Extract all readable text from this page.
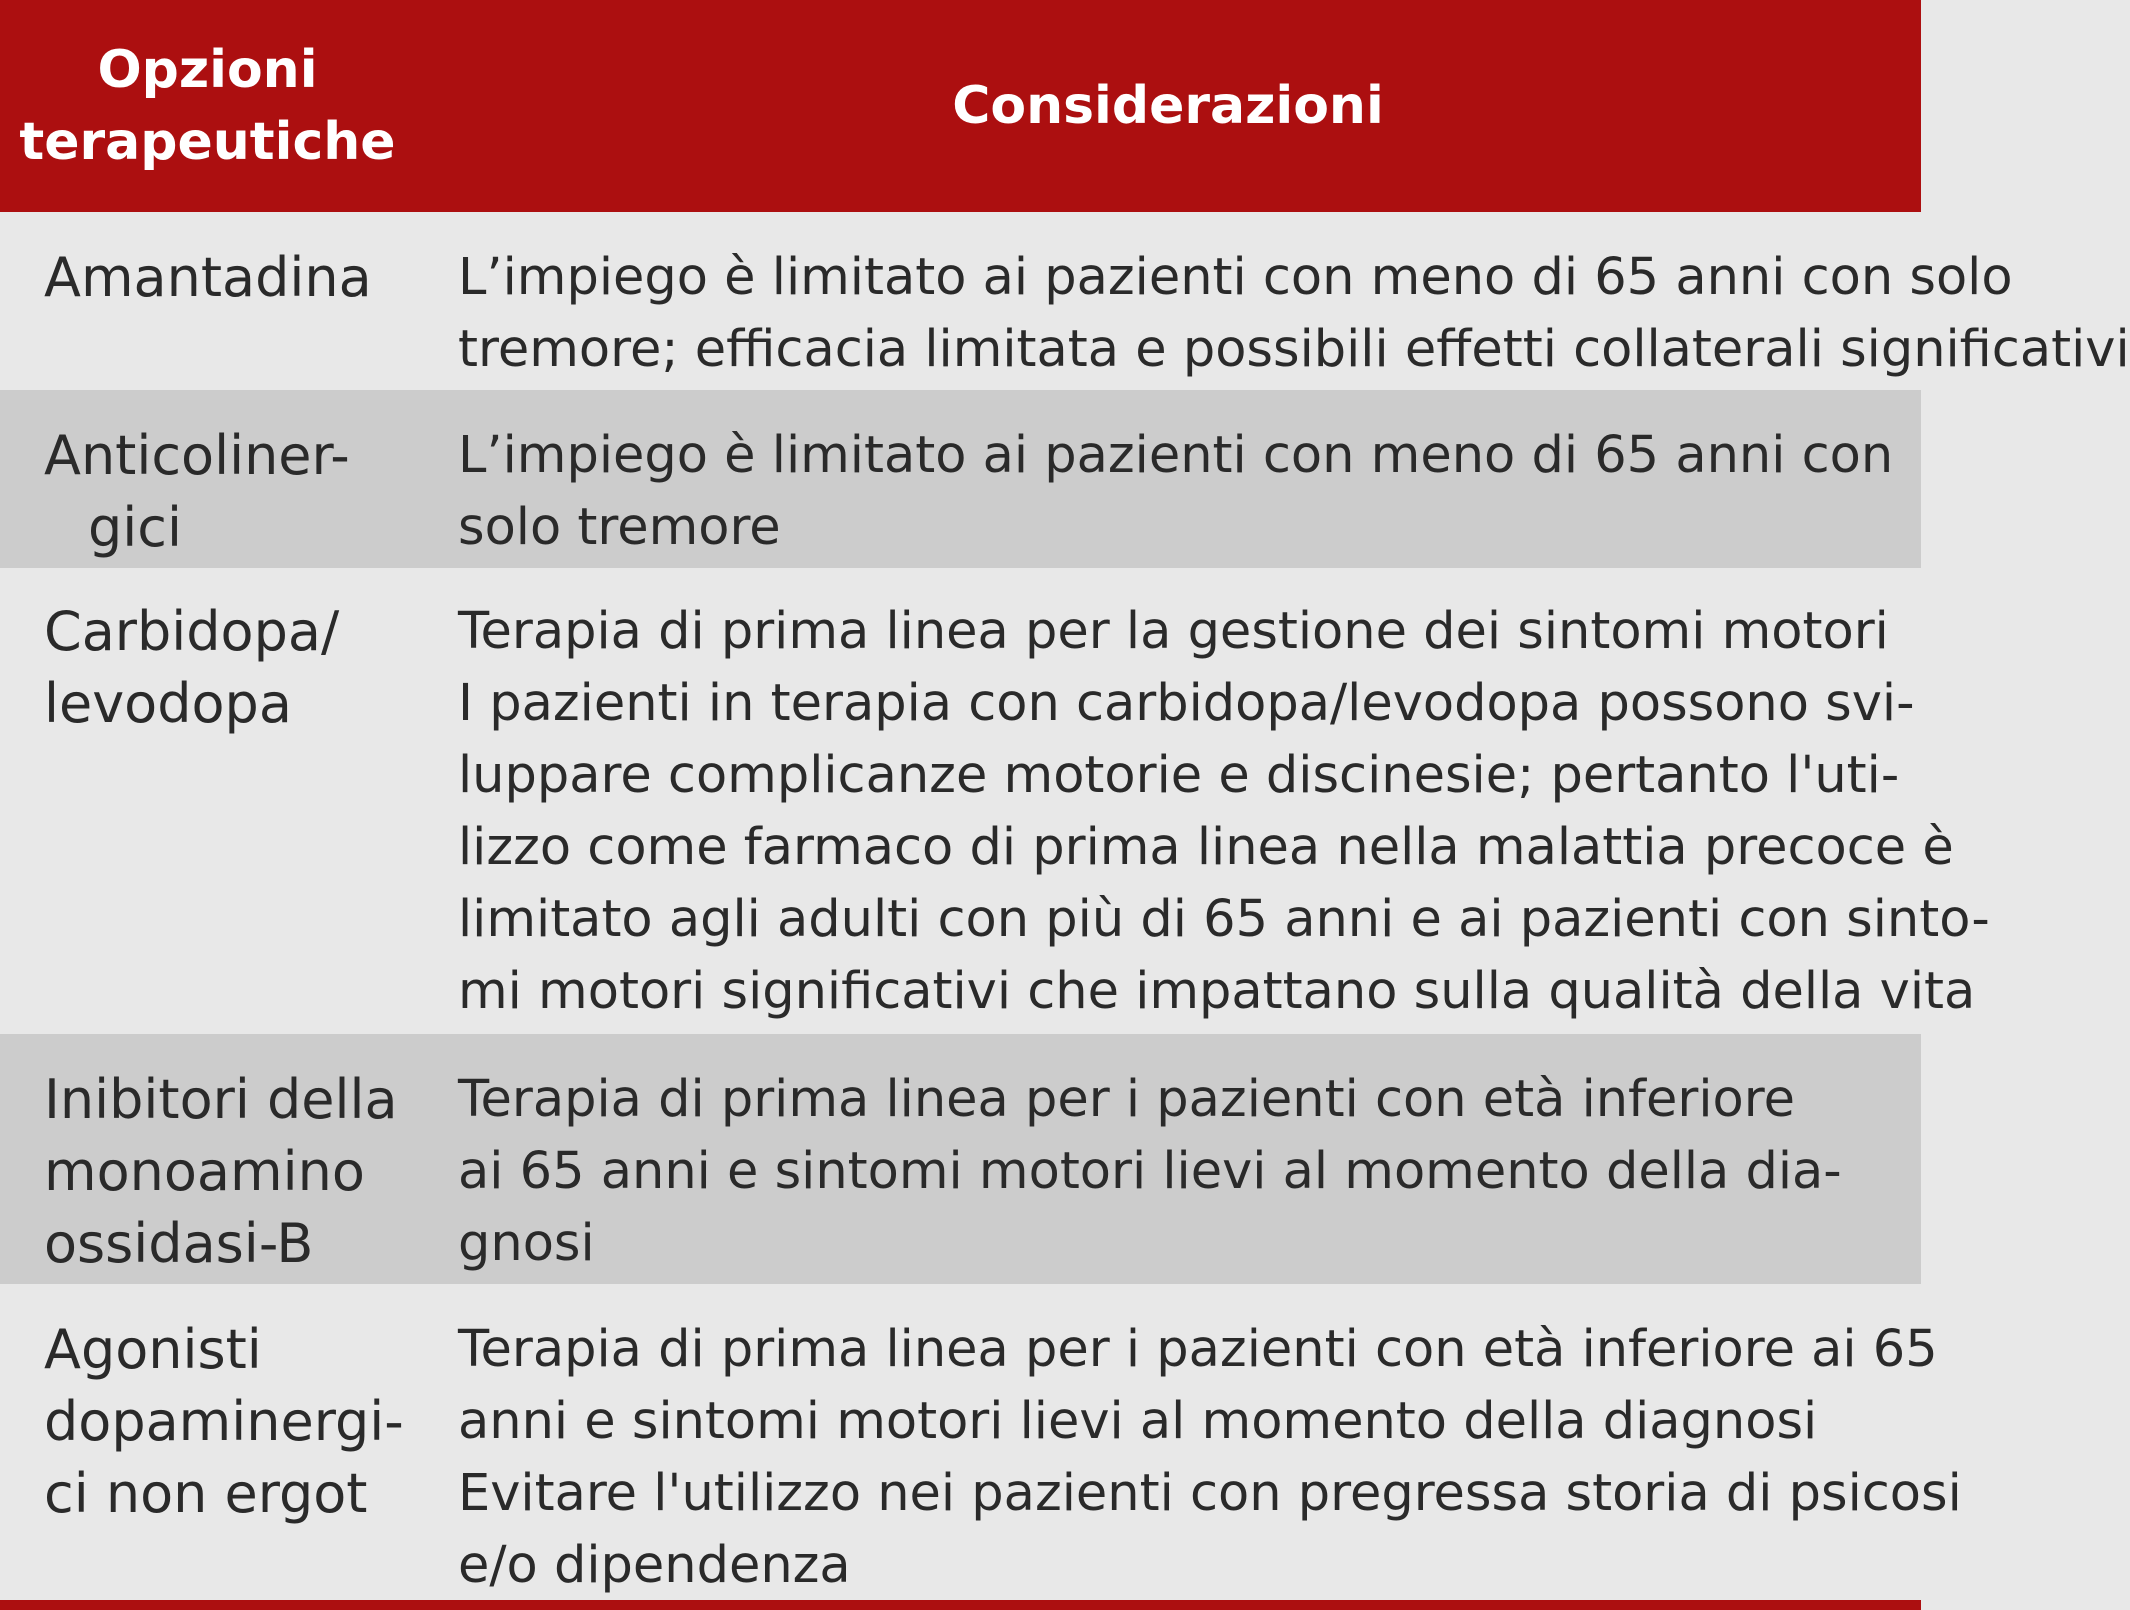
Opzioni
terapeutiche
Considerazioni
Amantadina	L’impiego è limitato ai pazienti con meno di 65 anni con solo
tremore; efficacia limitata e possibili effetti collaterali significativi
Anticoliner-
gici
L’impiego è limitato ai pazienti con meno di 65 anni con
solo tremore
Carbidopa/
levodopa
Terapia di prima linea per la gestione dei sintomi motori
I pazienti in terapia con carbidopa/levodopa possono svi-
luppare complicanze motorie e discinesie; pertanto l'uti-
lizzo come farmaco di prima linea nella malattia precoce è
limitato agli adulti con più di 65 anni e ai pazienti con sinto-
mi motori significativi che impattano sulla qualità della vita
Inibitori della
monoamino
ossidasi-B
Terapia di prima linea per i pazienti con età inferiore
ai 65 anni e sintomi motori lievi al momento della dia-
gnosi
Agonisti
dopaminergi-
ci non ergot
Terapia di prima linea per i pazienti con età inferiore ai 65
anni e sintomi motori lievi al momento della diagnosi
Evitare l'utilizzo nei pazienti con pregressa storia di psicosi
e/o dipendenza
